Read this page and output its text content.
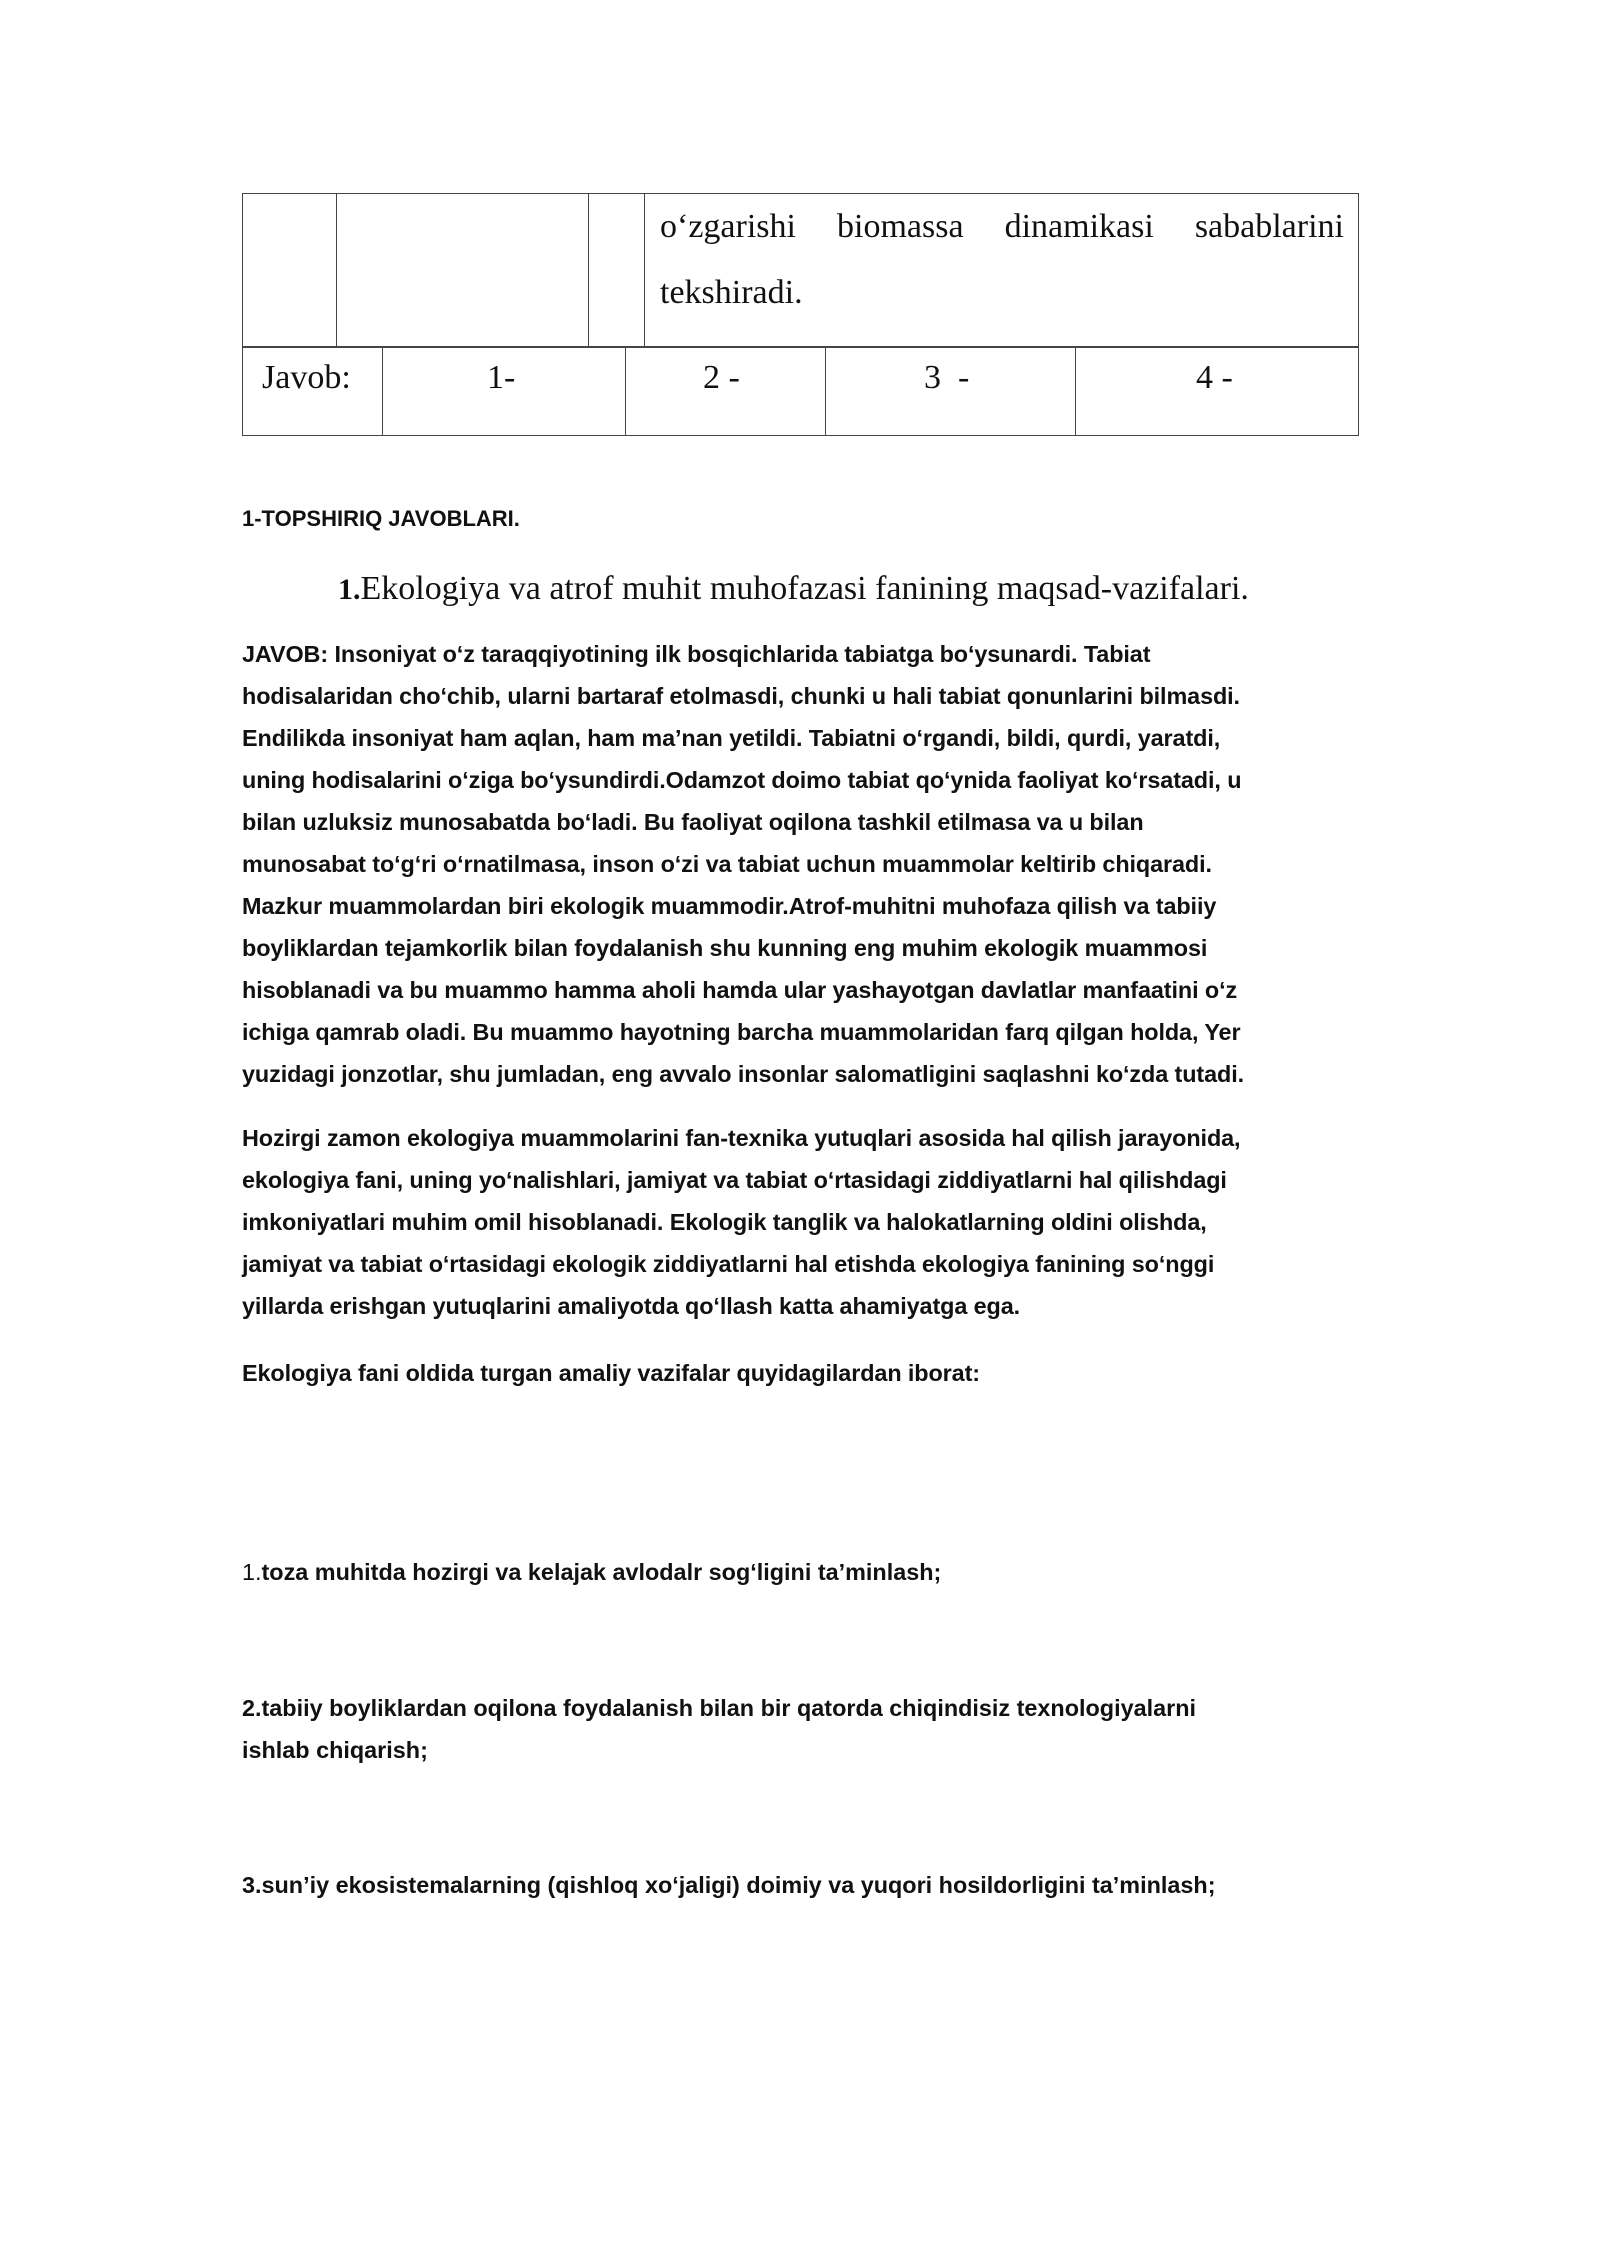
o‘zgarishi biomassa dinamikasi sabablarini
tekshiradi.
Javob:	1-	2 -	3  -	4 -
1-TOPSHIRIQ JAVOBLARI.
1.Ekologiya va atrof muhit muhofazasi fanining maqsad-vazifalari.
JAVOB: Insoniyat o‘z taraqqiyotining ilk bosqichlarida tabiatga bo‘ysunardi. Tabiat
hodisalaridan cho‘chib, ularni bartaraf etolmasdi, chunki u hali tabiat qonunlarini bilmasdi.
Endilikda insoniyat ham aqlan, ham ma’nan yetildi. Tabiatni o‘rgandi, bildi, qurdi, yaratdi,
uning hodisalarini o‘ziga bo‘ysundirdi.Odamzot doimo tabiat qo‘ynida faoliyat ko‘rsatadi, u
bilan uzluksiz munosabatda bo‘ladi. Bu faoliyat oqilona tashkil etilmasa va u bilan
munosabat to‘g‘ri o‘rnatilmasa, inson o‘zi va tabiat uchun muammolar keltirib chiqaradi.
Mazkur muammolardan biri ekologik muammodir.Atrof-muhitni muhofaza qilish va tabiiy
boyliklardan tejamkorlik bilan foydalanish shu kunning eng muhim ekologik muammosi
hisoblanadi va bu muammo hamma aholi hamda ular yashayotgan davlatlar manfaatini o‘z
ichiga qamrab oladi. Bu muammo hayotning barcha muammolaridan farq qilgan holda, Yer
yuzidagi jonzotlar, shu jumladan, eng avvalo insonlar salomatligini saqlashni ko‘zda tutadi.
Hozirgi zamon ekologiya muammolarini fan-texnika yutuqlari asosida hal qilish jarayonida,
ekologiya fani, uning yo‘nalishlari, jamiyat va tabiat o‘rtasidagi ziddiyatlarni hal qilishdagi
imkoniyatlari muhim omil hisoblanadi. Ekologik tanglik va halokatlarning oldini olishda,
jamiyat va tabiat o‘rtasidagi ekologik ziddiyatlarni hal etishda ekologiya fanining so‘nggi
yillarda erishgan yutuqlarini amaliyotda qo‘llash katta ahamiyatga ega.
Ekologiya fani oldida turgan amaliy vazifalar quyidagilardan iborat:
1.toza muhitda hozirgi va kelajak avlodalr sog‘ligini ta’minlash;
2.tabiiy boyliklardan oqilona foydalanish bilan bir qatorda chiqindisiz texnologiyalarni
ishlab chiqarish;
3.sun’iy ekosistemalarning (qishloq xo‘jaligi) doimiy va yuqori hosildorligini ta’minlash;
